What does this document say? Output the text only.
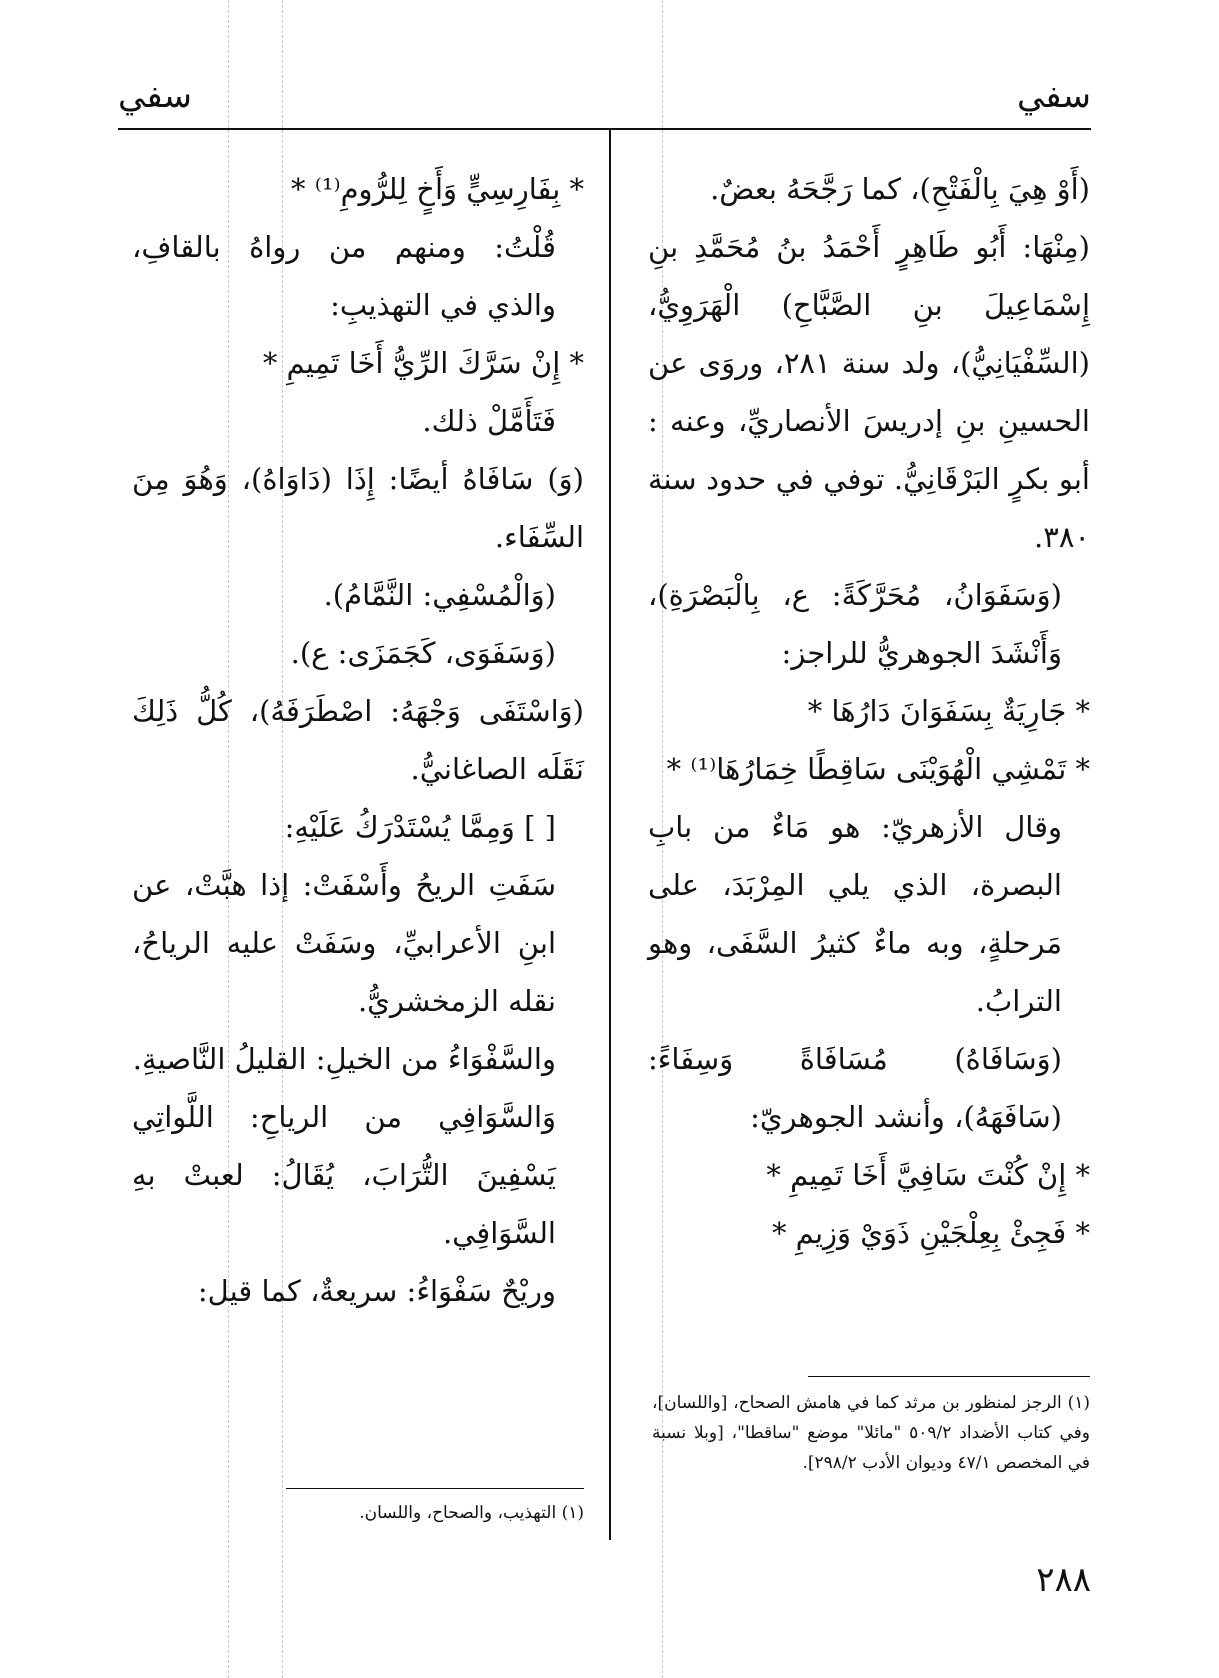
سفي
سفي

(أَوْ هِيَ بِالْفَتْحِ)، كما رَجَّحَهُ بعضٌ.

(مِنْهَا: أَبُو طَاهِرٍ أَحْمَدُ بنُ مُحَمَّدِ بنِ إِسْمَاعِيلَ بنِ الصَّبَّاحِ) الْهَرَوِيُّ، (السِّفْيَانِيُّ)، ولد سنة ٢٨١، وروَى عن الحسينِ بنِ إدريسَ الأنصاريِّ، وعنه : أبو بكرٍ البَرْقَانِيُّ. توفي في حدود سنة ٣٨٠.

(وَسَفَوَانُ، مُحَرَّكَةً: ع، بِالْبَصْرَةِ)، وَأَنْشَدَ الجوهريُّ للراجز:

* جَارِيَةٌ بِسَفَوَانَ دَارُهَا *

* تَمْشِي الْهُوَيْنَى سَاقِطًا خِمَارُهَا⁽¹⁾ *

وقال الأزهريّ: هو مَاءٌ من بابِ البصرة، الذي يلي المِرْبَدَ، على مَرحلةٍ، وبه ماءٌ كثيرُ السَّفَى، وهو الترابُ.

(وَسَافَاهُ) مُسَافَاةً وَسِفَاءً: (سَافَهَهُ)، وأنشد الجوهريّ:

* إِنْ كُنْتَ سَافِيَّ أَخَا تَمِيمِ *

* فَجِئْ بِعِلْجَيْنِ ذَوَيْ وَزِيمِ *

* بِفَارِسِيٍّ وَأَخٍ لِلرُّومِ⁽¹⁾ *

قُلْتُ: ومنهم من رواهُ بالقافِ، والذي في التهذيبِ:

* إِنْ سَرَّكَ الرِّيُّ أَخَا تَمِيمِ *

فَتَأَمَّلْ ذلك.

(وَ) سَافَاهُ أيضًا: إِذَا (دَاوَاهُ)، وَهُوَ مِنَ السِّفَاء.

(وَالْمُسْفِي: النَّمَّامُ).

(وَسَفَوَى، كَجَمَزَى: ع).

(وَاسْتَفَى وَجْهَهُ: اصْطَرَفَهُ)، كُلُّ ذَلِكَ نَقَلَه الصاغانيُّ.

[ ] وَمِمَّا يُسْتَدْرَكُ عَلَيْهِ:

سَفَتِ الريحُ وأَسْفَتْ: إذا هبَّتْ، عن ابنِ الأعرابيِّ، وسَفَتْ عليه الرياحُ، نقله الزمخشريُّ.

والسَّفْوَاءُ من الخيلِ: القليلُ النَّاصيةِ.

وَالسَّوَافِي من الرياحِ: اللَّواتِي يَسْفِينَ التُّرَابَ، يُقَالُ: لعبتْ بهِ السَّوَافِي.

وريْحٌ سَفْوَاءُ: سريعةٌ، كما قيل:

(١) الرجز لمنظور بن مرثد كما في هامش الصحاح، [واللسان]، وفي كتاب الأضداد ٥٠٩/٢ "مائلا" موضع "ساقطا"، [وبلا نسبة في المخصص ٤٧/١ وديوان الأدب ٢٩٨/٢].
(١) التهذيب، والصحاح، واللسان.
٢٨٨
